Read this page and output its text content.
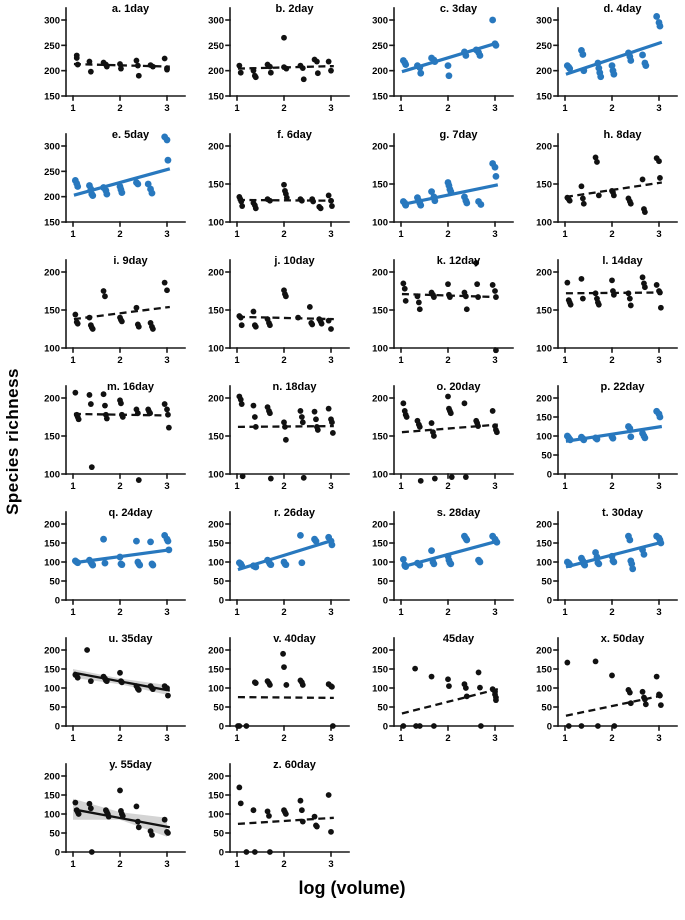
Species richness
150
200
250
300
1	2	3
a. 1day
150
200
250
300
1	2	3
b. 2day
150
200
250
300
1	2	3
c. 3day
150
200
250
300
1	2	3
d. 4day
150
200
250
300
1	2	3
e. 5day
100
150
200
1	2	3
f. 6day
100
150
200
1	2	3
g. 7day
100
150
200
1	2	3
h. 8day
100
150
200
1	2	3
i. 9day
100
150
200
1	2	3
j. 10day
100
150
200
1	2	3
k. 12day
100
150
200
1	2	3
l. 14day
100
150
200
1	2	3
m. 16day
100
150
200
1	2	3
n. 18day
100
150
200
1	2	3
o. 20day
0
50
100
150
200
1	2	3
p. 22day
0
50
100
150
200
1	2	3
q. 24day
0
50
100
150
200
1	2	3
r. 26day
0
50
100
150
200
1	2	3
s. 28day
0
50
100
150
200
1	2	3
t. 30day
0
50
100
150
200
1	2	3
u. 35day
0
50
100
150
200
1	2	3
v. 40day
0
50
100
150
200
1	2	3
45day
0
50
100
150
200
1	2	3
x. 50day
0
50
100
150
200
1	2	3
y. 55day
0
50
100
150
200
1	2	3
z. 60day
log (volume)
